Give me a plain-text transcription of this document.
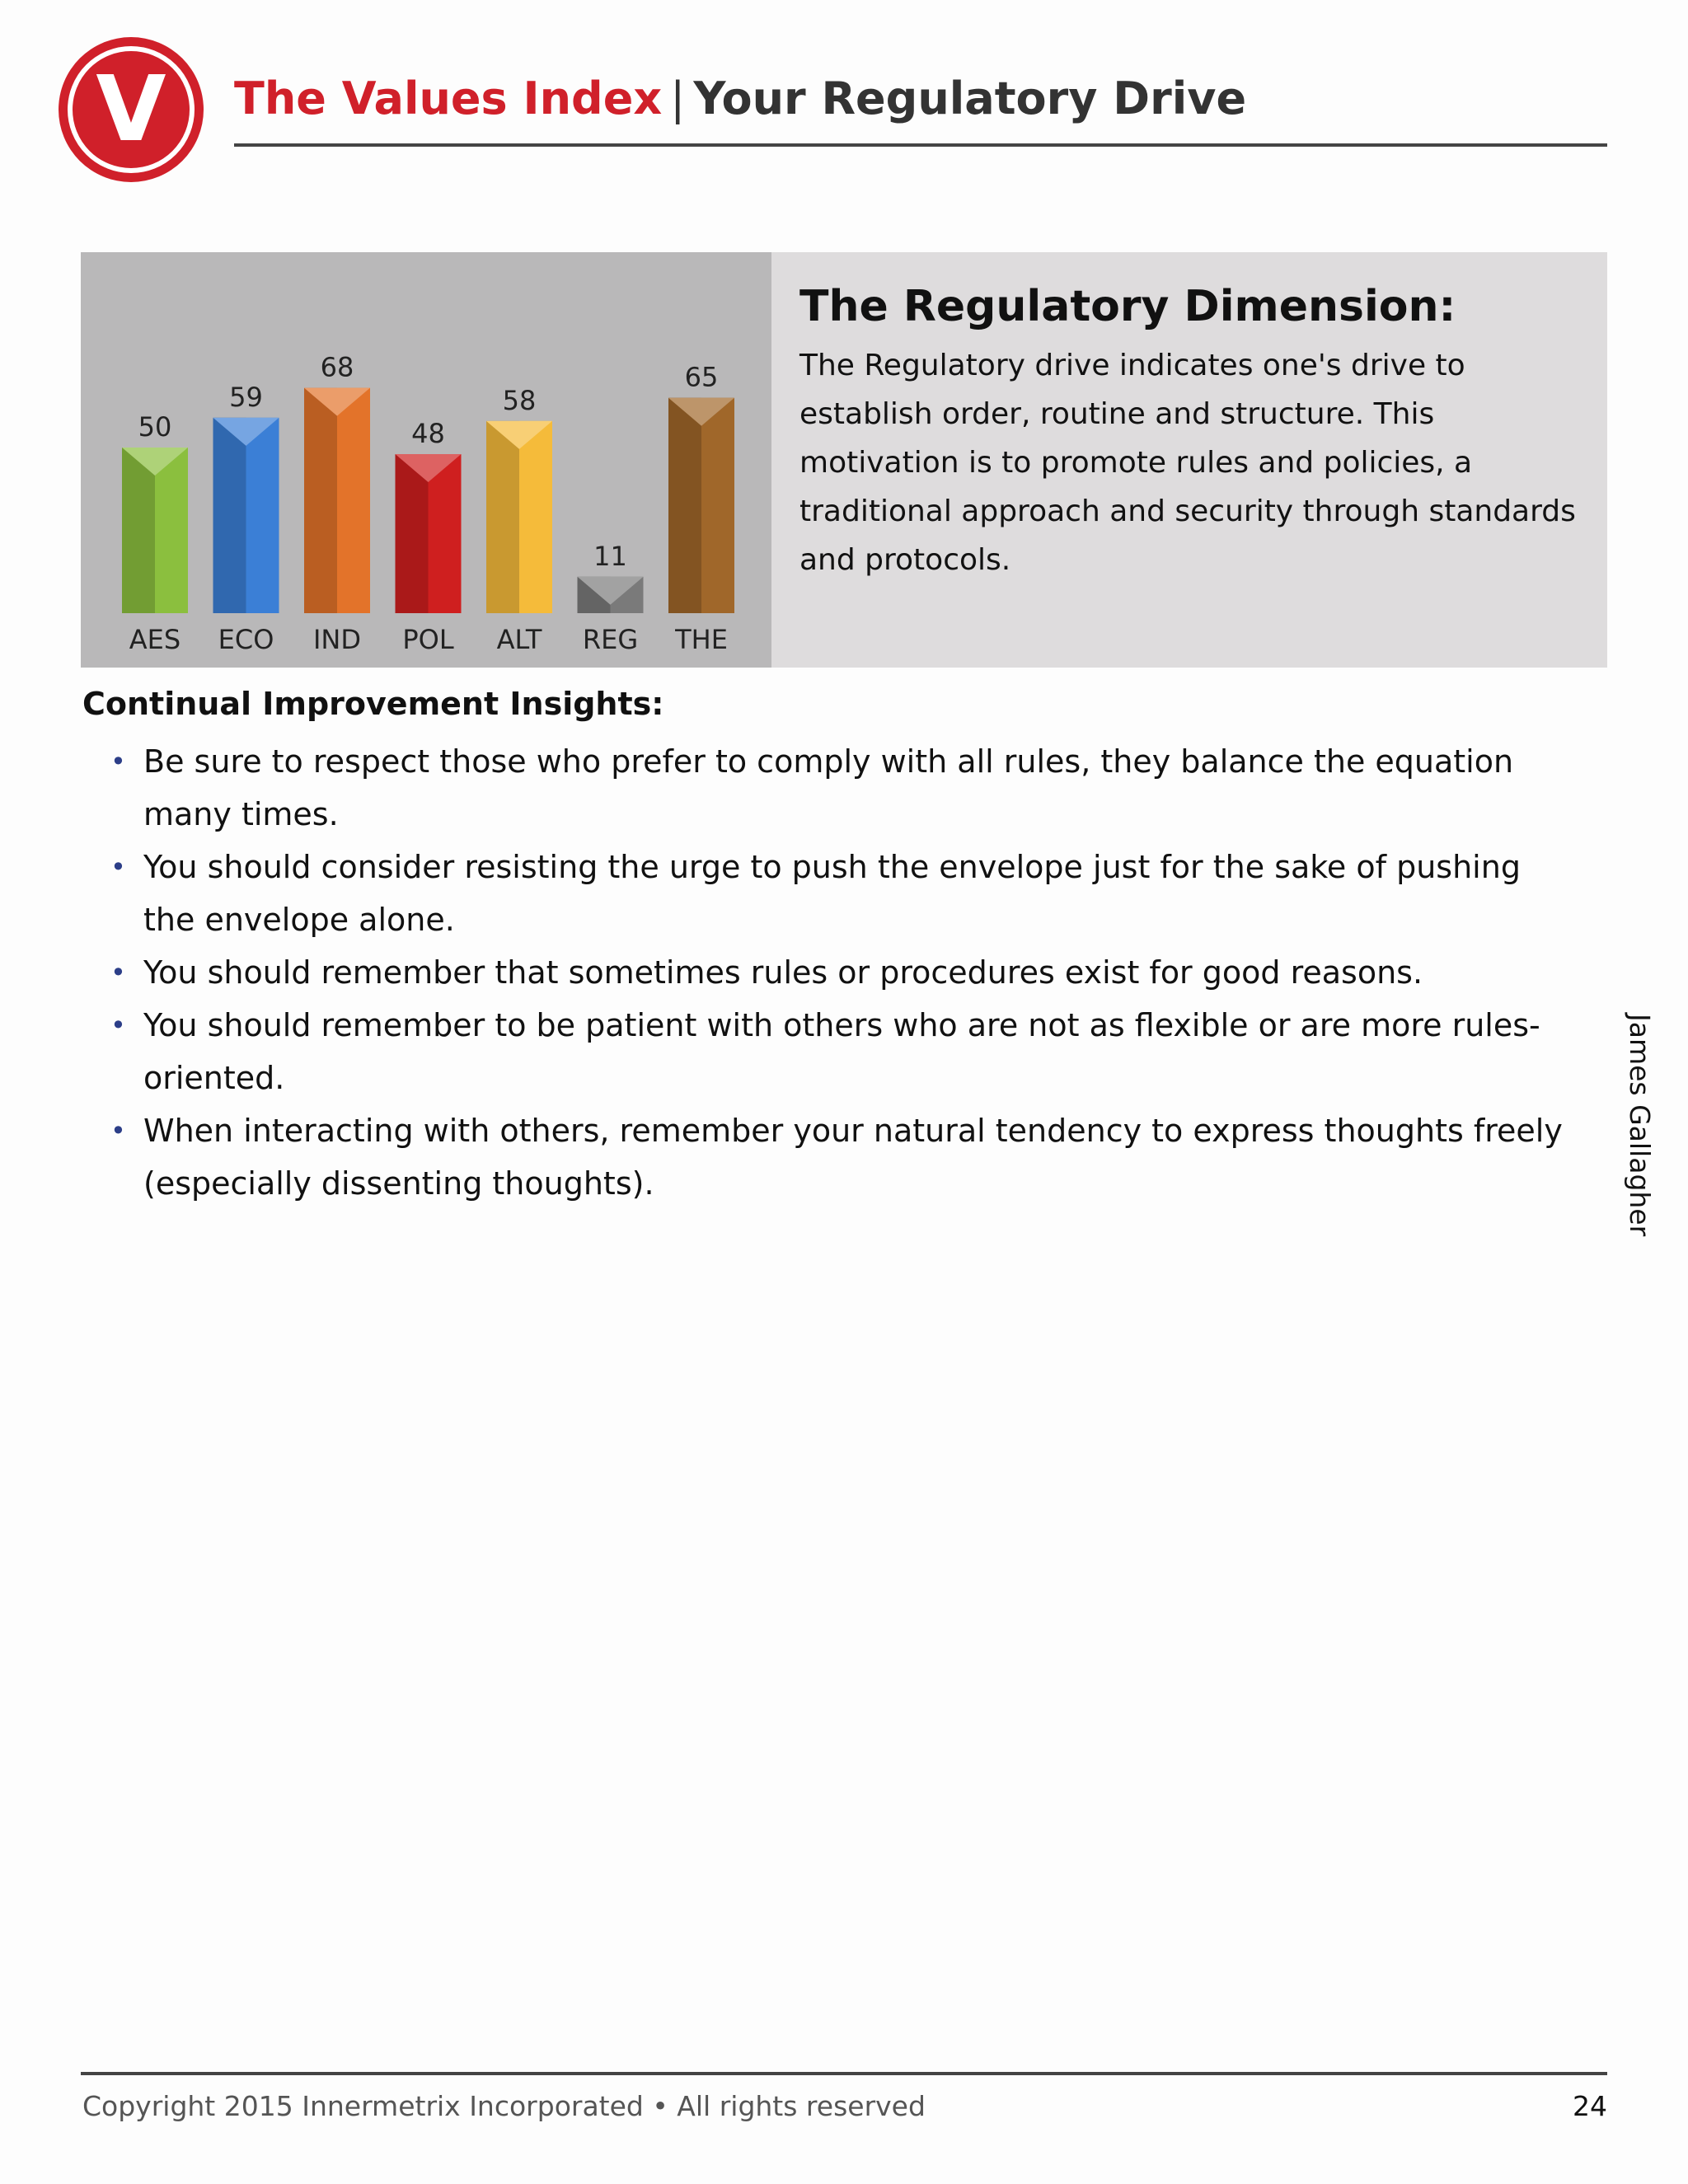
V The Values Index | Your Regulatory Drive
50
AES
59
ECO
68
IND
48
POL
58
ALT
11
REG
65
THE
The Regulatory Dimension:
The Regulatory drive indicates one's drive to establish order, routine and structure. This motivation is to promote rules and policies, a traditional approach and security through standards and protocols.
Continual Improvement Insights:
• Be sure to respect those who prefer to comply with all rules, they balance the equation many times.
• You should consider resisting the urge to push the envelope just for the sake of pushing the envelope alone.
• You should remember that sometimes rules or procedures exist for good reasons.
• You should remember to be patient with others who are not as flexible or are more rules-oriented.
• When interacting with others, remember your natural tendency to express thoughts freely (especially dissenting thoughts).	James Gallagher
Copyright 2015 Innermetrix Incorporated • All rights reserved	24
